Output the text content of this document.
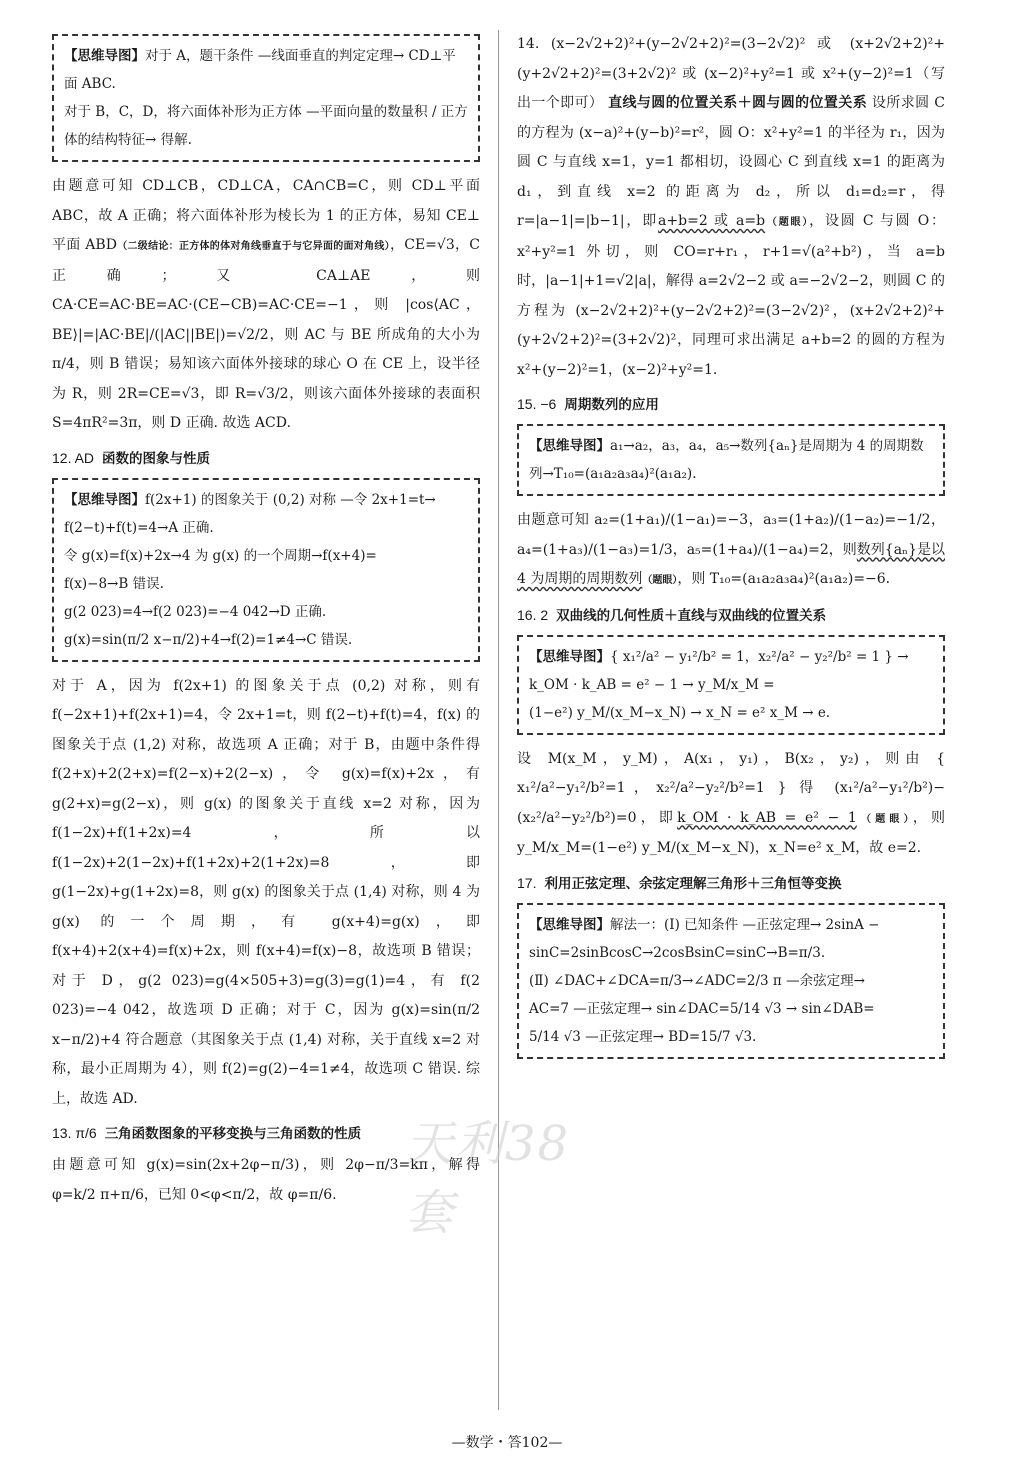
天利38套
【思维导图】对于 A，题干条件 —线面垂直的判定定理→ CD⊥平面 ABC.
对于 B，C，D，将六面体补形为正方体 —平面向量的数量积 / 正方体的结构特征→ 得解.

由题意可知 CD⊥CB，CD⊥CA，CA∩CB=C，则 CD⊥平面 ABC，故 A 正确；将六面体补形为棱长为 1 的正方体，易知 CE⊥平面 ABD（二级结论：正方体的体对角线垂直于与它异面的面对角线），CE=√3，C 正确；又 CA⊥AE，则 CA·CE=AC·BE=AC·(CE−CB)=AC·CE=−1，则 |cos⟨AC，BE⟩|=|AC·BE|/(|AC||BE|)=√2/2，则 AC 与 BE 所成角的大小为 π/4，则 B 错误；易知该六面体外接球的球心 O 在 CE 上，设半径为 R，则 2R=CE=√3，即 R=√3/2，则该六面体外接球的表面积 S=4πR²=3π，则 D 正确. 故选 ACD.

12. AD 函数的图象与性质
【思维导图】f(2x+1) 的图象关于 (0,2) 对称 —令 2x+1=t→
f(2−t)+f(t)=4→A 正确.
令 g(x)=f(x)+2x→4 为 g(x) 的一个周期→f(x+4)=
f(x)−8→B 错误.
g(2 023)=4→f(2 023)=−4 042→D 正确.
g(x)=sin(π/2 x−π/2)+4→f(2)=1≠4→C 错误.

对于 A，因为 f(2x+1) 的图象关于点 (0,2) 对称，则有 f(−2x+1)+f(2x+1)=4，令 2x+1=t，则 f(2−t)+f(t)=4，f(x) 的图象关于点 (1,2) 对称，故选项 A 正确；对于 B，由题中条件得 f(2+x)+2(2+x)=f(2−x)+2(2−x)，令 g(x)=f(x)+2x，有 g(2+x)=g(2−x)，则 g(x) 的图象关于直线 x=2 对称，因为 f(1−2x)+f(1+2x)=4，所以 f(1−2x)+2(1−2x)+f(1+2x)+2(1+2x)=8，即 g(1−2x)+g(1+2x)=8，则 g(x) 的图象关于点 (1,4) 对称，则 4 为 g(x) 的一个周期，有 g(x+4)=g(x)，即 f(x+4)+2(x+4)=f(x)+2x，则 f(x+4)=f(x)−8，故选项 B 错误；对于 D，g(2 023)=g(4×505+3)=g(3)=g(1)=4，有 f(2 023)=−4 042，故选项 D 正确；对于 C，因为 g(x)=sin(π/2 x−π/2)+4 符合题意（其图象关于点 (1,4) 对称，关于直线 x=2 对称，最小正周期为 4），则 f(2)=g(2)−4=1≠4，故选项 C 错误. 综上，故选 AD.

13. π/6 三角函数图象的平移变换与三角函数的性质

由题意可知 g(x)=sin(2x+2φ−π/3)，则 2φ−π/3=kπ，解得 φ=k/2 π+π/6，已知 0<φ<π/2，故 φ=π/6.

14. (x−2√2+2)²+(y−2√2+2)²=(3−2√2)² 或 (x+2√2+2)²+(y+2√2+2)²=(3+2√2)² 或 (x−2)²+y²=1 或 x²+(y−2)²=1（写出一个即可） 直线与圆的位置关系＋圆与圆的位置关系 设所求圆 C 的方程为 (x−a)²+(y−b)²=r²，圆 O：x²+y²=1 的半径为 r₁，因为圆 C 与直线 x=1，y=1 都相切，设圆心 C 到直线 x=1 的距离为 d₁，到直线 x=2 的距离为 d₂，所以 d₁=d₂=r，得 r=|a−1|=|b−1|，即a+b=2 或 a=b（题眼），设圆 C 与圆 O：x²+y²=1 外切，则 CO=r+r₁，r+1=√(a²+b²)，当 a=b 时，|a−1|+1=√2|a|，解得 a=2√2−2 或 a=−2√2−2，则圆 C 的方程为 (x−2√2+2)²+(y−2√2+2)²=(3−2√2)²，(x+2√2+2)²+(y+2√2+2)²=(3+2√2)²，同理可求出满足 a+b=2 的圆的方程为 x²+(y−2)²=1，(x−2)²+y²=1.

15. −6 周期数列的应用
【思维导图】a₁→a₂，a₃，a₄，a₅→数列{aₙ}是周期为 4 的周期数列→T₁₀=(a₁a₂a₃a₄)²(a₁a₂).

由题意可知 a₂=(1+a₁)/(1−a₁)=−3，a₃=(1+a₂)/(1−a₂)=−1/2，a₄=(1+a₃)/(1−a₃)=1/3，a₅=(1+a₄)/(1−a₄)=2，则数列{aₙ}是以 4 为周期的周期数列（题眼），则 T₁₀=(a₁a₂a₃a₄)²(a₁a₂)=−6.

16. 2 双曲线的几何性质＋直线与双曲线的位置关系
【思维导图】{ x₁²/a² − y₁²/b² = 1，x₂²/a² − y₂²/b² = 1 } → k_OM · k_AB = e² − 1 → y_M/x_M =
(1−e²) y_M/(x_M−x_N) → x_N = e² x_M → e.

设 M(x_M，y_M)，A(x₁，y₁)，B(x₂，y₂)，则由 { x₁²/a²−y₁²/b²=1，x₂²/a²−y₂²/b²=1 } 得 (x₁²/a²−y₁²/b²)−(x₂²/a²−y₂²/b²)=0，即k_OM · k_AB = e² − 1（题眼），则 y_M/x_M=(1−e²) y_M/(x_M−x_N)，x_N=e² x_M，故 e=2.

17. 利用正弦定理、余弦定理解三角形＋三角恒等变换
【思维导图】解法一：(Ⅰ) 已知条件 —正弦定理→ 2sinA −
sinC=2sinBcosC→2cosBsinC=sinC→B=π/3.
(Ⅱ) ∠DAC+∠DCA=π/3→∠ADC=2/3 π —余弦定理→
AC=7 —正弦定理→ sin∠DAC=5/14 √3 → sin∠DAB=
5/14 √3 —正弦定理→ BD=15/7 √3.
—数学・答102—
